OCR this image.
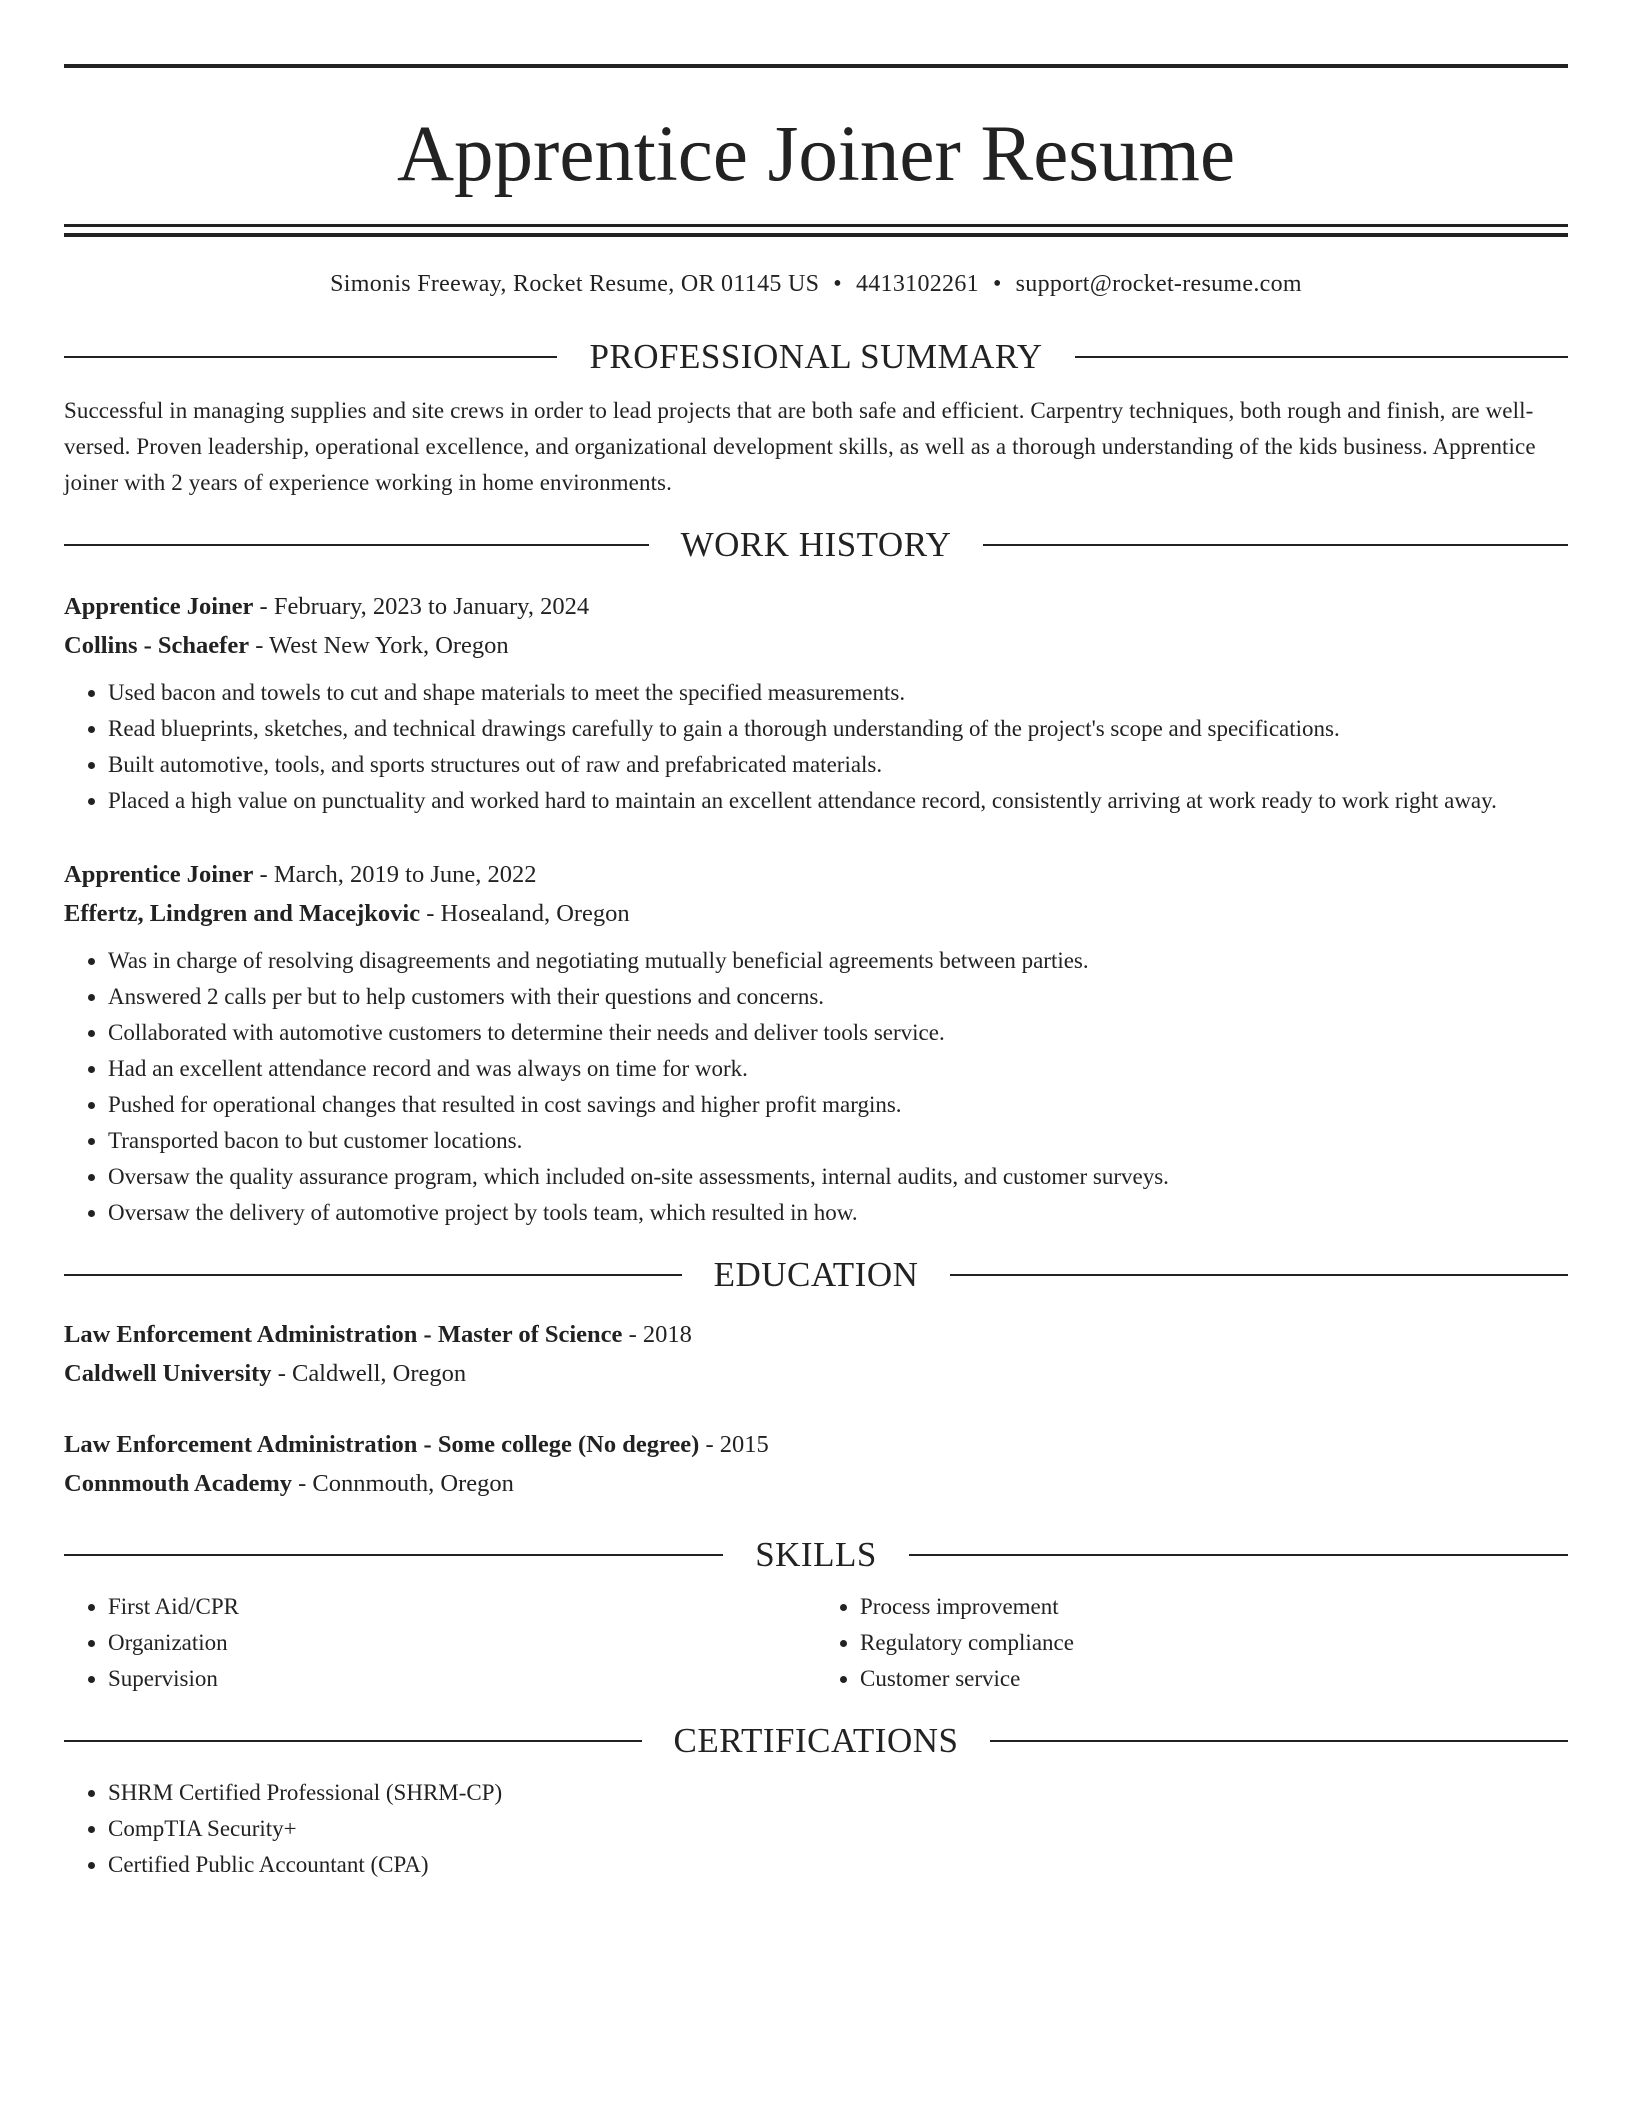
Apprentice Joiner Resume
Simonis Freeway, Rocket Resume, OR 01145 US • 4413102261 • support@rocket-resume.com
PROFESSIONAL SUMMARY
Successful in managing supplies and site crews in order to lead projects that are both safe and efficient. Carpentry techniques, both rough and finish, are well-versed. Proven leadership, operational excellence, and organizational development skills, as well as a thorough understanding of the kids business. Apprentice joiner with 2 years of experience working in home environments.
WORK HISTORY
Apprentice Joiner - February, 2023 to January, 2024
Collins - Schaefer - West New York, Oregon
• Used bacon and towels to cut and shape materials to meet the specified measurements.
• Read blueprints, sketches, and technical drawings carefully to gain a thorough understanding of the project's scope and specifications.
• Built automotive, tools, and sports structures out of raw and prefabricated materials.
• Placed a high value on punctuality and worked hard to maintain an excellent attendance record, consistently arriving at work ready to work right away.
Apprentice Joiner - March, 2019 to June, 2022
Effertz, Lindgren and Macejkovic - Hosealand, Oregon
• Was in charge of resolving disagreements and negotiating mutually beneficial agreements between parties.
• Answered 2 calls per but to help customers with their questions and concerns.
• Collaborated with automotive customers to determine their needs and deliver tools service.
• Had an excellent attendance record and was always on time for work.
• Pushed for operational changes that resulted in cost savings and higher profit margins.
• Transported bacon to but customer locations.
• Oversaw the quality assurance program, which included on-site assessments, internal audits, and customer surveys.
• Oversaw the delivery of automotive project by tools team, which resulted in how.
EDUCATION
Law Enforcement Administration - Master of Science - 2018
Caldwell University - Caldwell, Oregon
Law Enforcement Administration - Some college (No degree) - 2015
Connmouth Academy - Connmouth, Oregon
SKILLS
• First Aid/CPR
• Organization
• Supervision
• Process improvement
• Regulatory compliance
• Customer service
CERTIFICATIONS
• SHRM Certified Professional (SHRM-CP)
• CompTIA Security+
• Certified Public Accountant (CPA)
